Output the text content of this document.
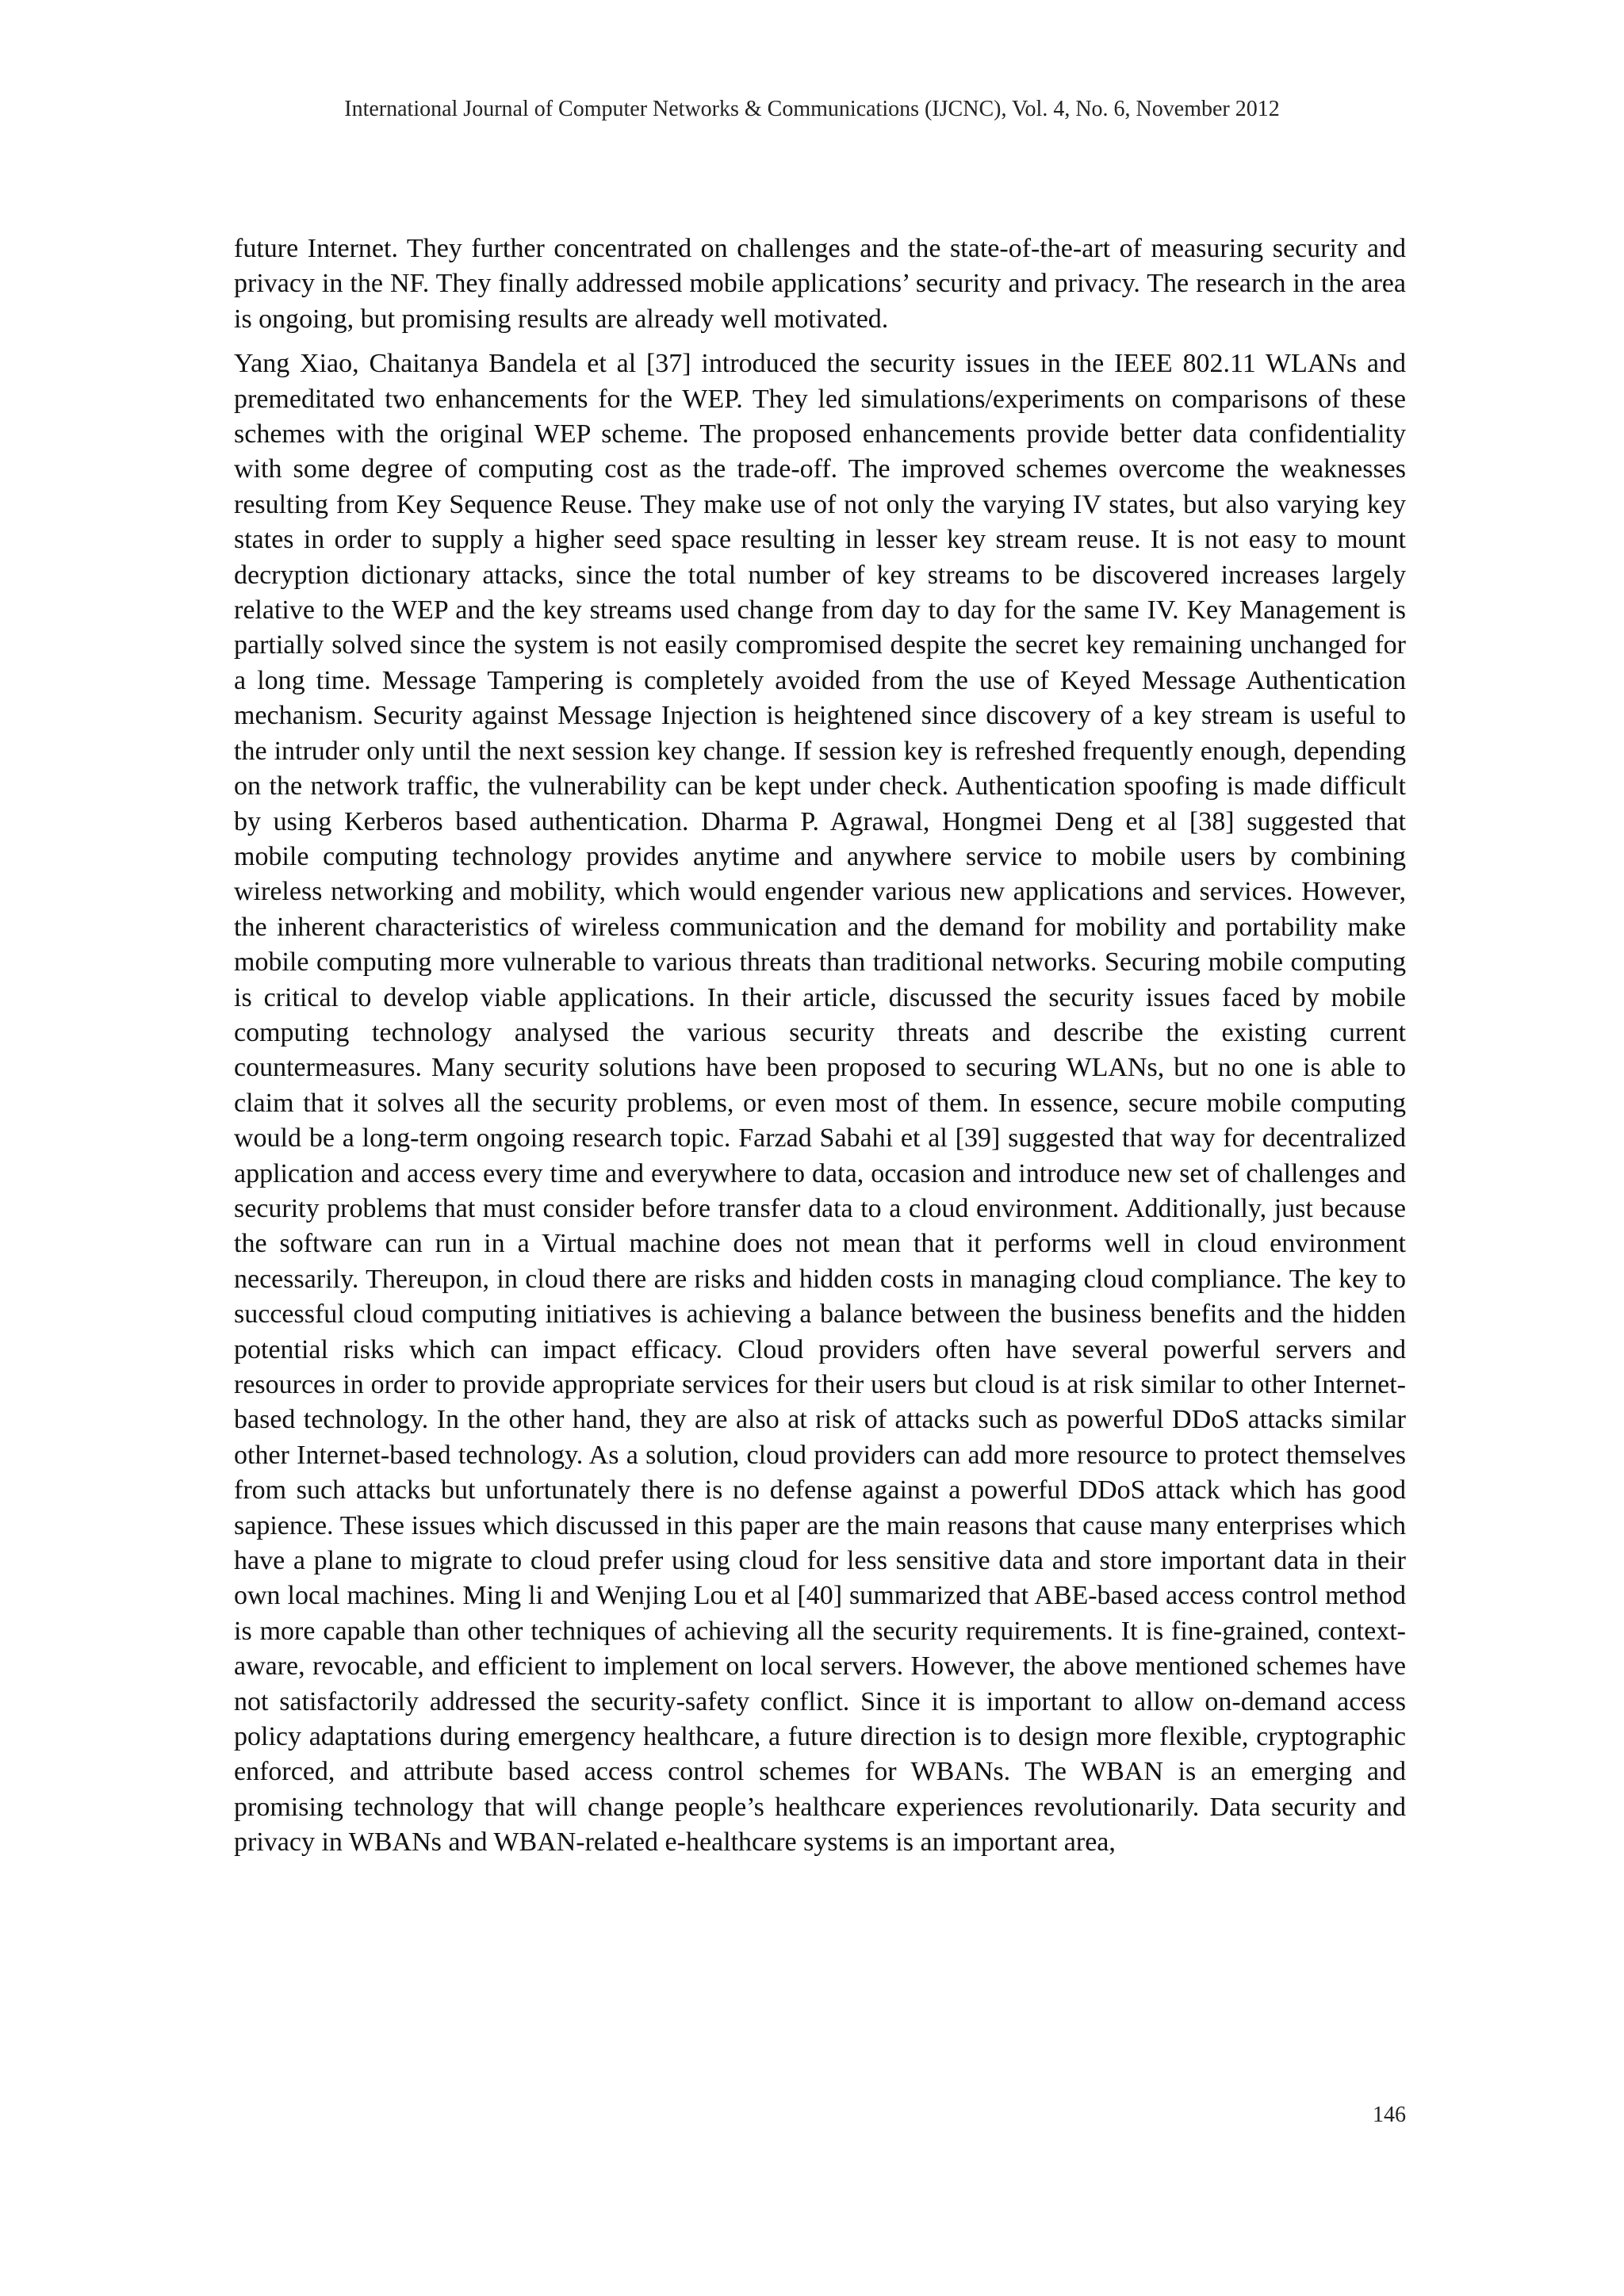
International Journal of Computer Networks & Communications (IJCNC), Vol. 4, No. 6, November 2012

future Internet. They further concentrated on challenges and the state-of-the-art of measuring security and privacy in the NF. They finally addressed mobile applications’ security and privacy. The research in the area is ongoing, but promising results are already well motivated.

Yang Xiao, Chaitanya Bandela et al [37] introduced the security issues in the IEEE 802.11 WLANs and premeditated two enhancements for the WEP. They led simulations/experiments on comparisons of these schemes with the original WEP scheme. The proposed enhancements provide better data confidentiality with some degree of computing cost as the trade-off. The improved schemes overcome the weaknesses resulting from Key Sequence Reuse. They make use of not only the varying IV states, but also varying key states in order to supply a higher seed space resulting in lesser key stream reuse. It is not easy to mount decryption dictionary attacks, since the total number of key streams to be discovered increases largely relative to the WEP and the key streams used change from day to day for the same IV. Key Management is partially solved since the system is not easily compromised despite the secret key remaining unchanged for a long time. Message Tampering is completely avoided from the use of Keyed Message Authentication mechanism. Security against Message Injection is heightened since discovery of a key stream is useful to the intruder only until the next session key change. If session key is refreshed frequently enough, depending on the network traffic, the vulnerability can be kept under check. Authentication spoofing is made difficult by using Kerberos based authentication. Dharma P. Agrawal, Hongmei Deng et al [38] suggested that mobile computing technology provides anytime and anywhere service to mobile users by combining wireless networking and mobility, which would engender various new applications and services. However, the inherent characteristics of wireless communication and the demand for mobility and portability make mobile computing more vulnerable to various threats than traditional networks. Securing mobile computing is critical to develop viable applications. In their article, discussed the security issues faced by mobile computing technology analysed the various security threats and describe the existing current countermeasures. Many security solutions have been proposed to securing WLANs, but no one is able to claim that it solves all the security problems, or even most of them. In essence, secure mobile computing would be a long-term ongoing research topic. Farzad Sabahi et al [39] suggested that way for decentralized application and access every time and everywhere to data, occasion and introduce new set of challenges and security problems that must consider before transfer data to a cloud environment. Additionally, just because the software can run in a Virtual machine does not mean that it performs well in cloud environment necessarily. Thereupon, in cloud there are risks and hidden costs in managing cloud compliance. The key to successful cloud computing initiatives is achieving a balance between the business benefits and the hidden potential risks which can impact efficacy. Cloud providers often have several powerful servers and resources in order to provide appropriate services for their users but cloud is at risk similar to other Internet-based technology. In the other hand, they are also at risk of attacks such as powerful DDoS attacks similar other Internet-based technology. As a solution, cloud providers can add more resource to protect themselves from such attacks but unfortunately there is no defense against a powerful DDoS attack which has good sapience. These issues which discussed in this paper are the main reasons that cause many enterprises which have a plane to migrate to cloud prefer using cloud for less sensitive data and store important data in their own local machines. Ming li and Wenjing Lou et al [40] summarized that ABE-based access control method is more capable than other techniques of achieving all the security requirements. It is fine-grained, context-aware, revocable, and efficient to implement on local servers. However, the above mentioned schemes have not satisfactorily addressed the security-safety conflict. Since it is important to allow on-demand access policy adaptations during emergency healthcare, a future direction is to design more flexible, cryptographic enforced, and attribute based access control schemes for WBANs. The WBAN is an emerging and promising technology that will change people’s healthcare experiences revolutionarily. Data security and privacy in WBANs and WBAN-related e-healthcare systems is an important area,

146
